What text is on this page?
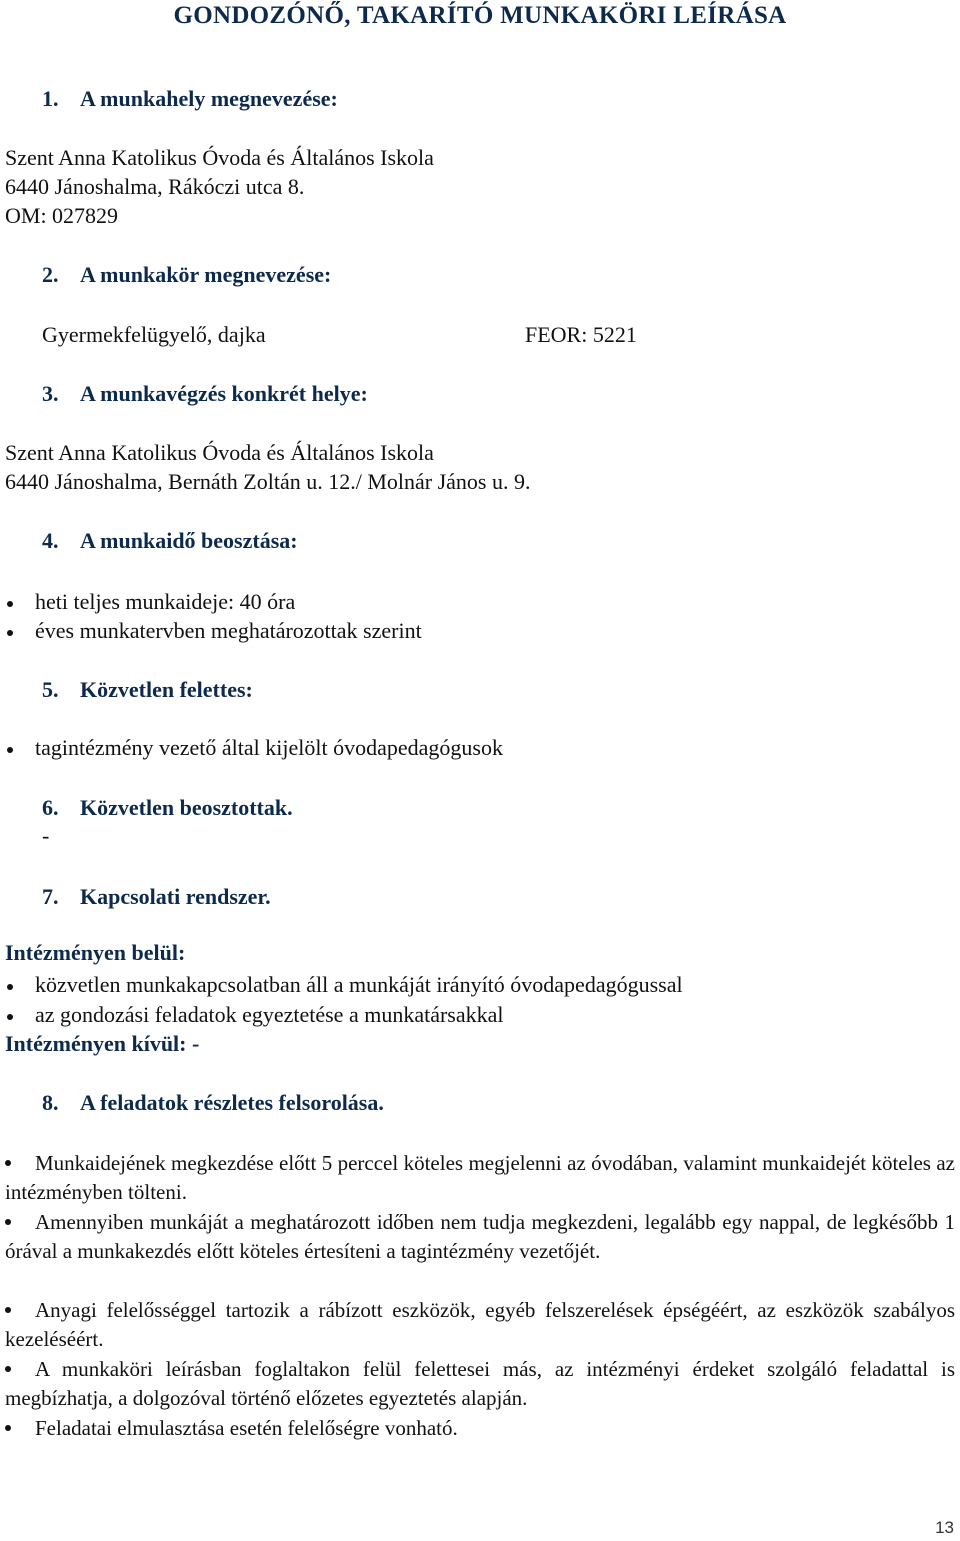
GONDOZÓNŐ, TAKARÍTÓ MUNKAKÖRI LEÍRÁSA
1. A munkahely megnevezése:
Szent Anna Katolikus Óvoda és Általános Iskola
6440 Jánoshalma, Rákóczi utca 8.
OM: 027829
2. A munkakör megnevezése:
Gyermekfelügyelő, dajka	FEOR: 5221
3. A munkavégzés konkrét helye:
Szent Anna Katolikus Óvoda és Általános Iskola
6440 Jánoshalma, Bernáth Zoltán u. 12./ Molnár János u. 9.
4. A munkaidő beosztása:
heti teljes munkaideje: 40 óra
éves munkatervben meghatározottak szerint
5. Közvetlen felettes:
tagintézmény vezető által kijelölt óvodapedagógusok
6. Közvetlen beosztottak.
-
7. Kapcsolati rendszer.
Intézményen belül:
közvetlen munkakapcsolatban áll a munkáját irányító óvodapedagógussal
az gondozási feladatok egyeztetése a munkatársakkal
Intézményen kívül: -
8. A feladatok részletes felsorolása.
Munkaidejének megkezdése előtt 5 perccel köteles megjelenni az óvodában, valamint munkaidejét köteles az intézményben tölteni.
Amennyiben munkáját a meghatározott időben nem tudja megkezdeni, legalább egy nappal, de legkésőbb 1 órával a munkakezdés előtt köteles értesíteni a tagintézmény vezetőjét.
Anyagi felelősséggel tartozik a rábízott eszközök, egyéb felszerelések épségéért, az eszközök szabályos kezeléséért.
A munkaköri leírásban foglaltakon felül felettesei más, az intézményi érdeket szolgáló feladattal is megbízhatja, a dolgozóval történő előzetes egyeztetés alapján.
Feladatai elmulasztása esetén felelőségre vonható.
13
